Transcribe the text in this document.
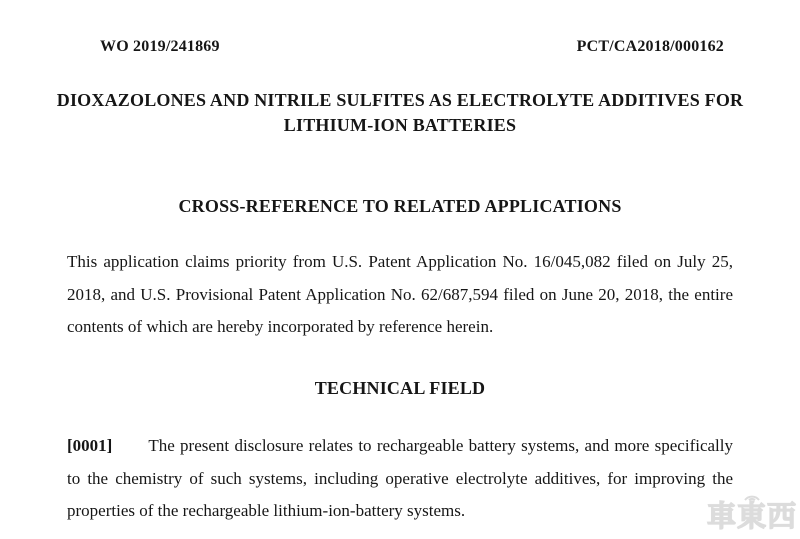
WO 2019/241869	PCT/CA2018/000162
DIOXAZOLONES AND NITRILE SULFITES AS ELECTROLYTE ADDITIVES FOR
LITHIUM-ION BATTERIES
CROSS-REFERENCE TO RELATED APPLICATIONS

This application claims priority from U.S. Patent Application No. 16/045,082 filed on July 25, 2018, and U.S. Provisional Patent Application No. 62/687,594 filed on June 20, 2018, the entire contents of which are hereby incorporated by reference herein.

TECHNICAL FIELD

[0001] The present disclosure relates to rechargeable battery systems, and more specifically to the chemistry of such systems, including operative electrolyte additives, for improving the properties of the rechargeable lithium-ion-battery systems.	車東西
